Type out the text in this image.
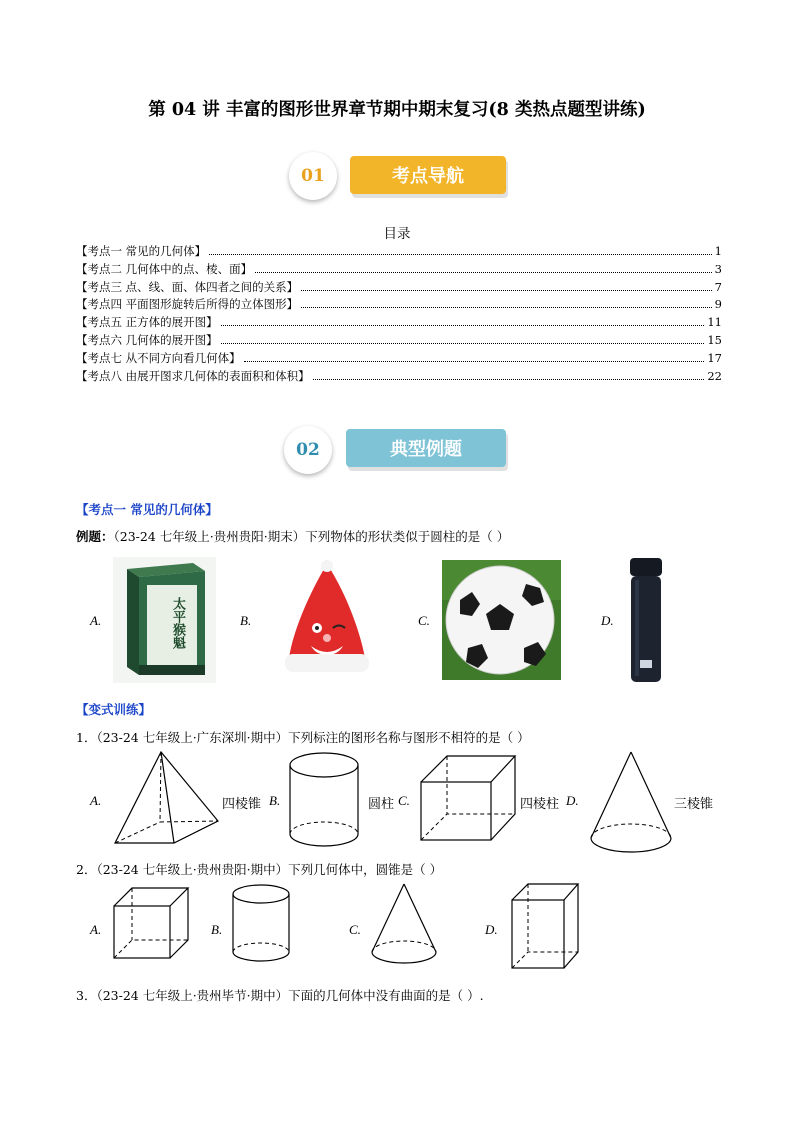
第 04 讲 丰富的图形世界章节期中期末复习(8 类热点题型讲练)
考点导航
01
目录
【考点一 常见的几何体】	1
【考点二 几何体中的点、棱、面】	3
【考点三 点、线、面、体四者之间的关系】	7
【考点四 平面图形旋转后所得的立体图形】	9
【考点五 正方体的展开图】	11
【考点六 几何体的展开图】	15
【考点七 从不同方向看几何体】	17
【考点八 由展开图求几何体的表面积和体积】	22
典型例题
02
【考点一 常见的几何体】
例题：（23-24 七年级上·贵州贵阳·期末）下列物体的形状类似于圆柱的是（ ）
A.	B.	C.	D.
太平猴魁
【变式训练】
1．（23-24 七年级上·广东深圳·期中）下列标注的图形名称与图形不相符的是（ ）
A.	四棱锥 B.	圆柱 C.	四棱柱 D.	三棱锥
2．（23-24 七年级上·贵州贵阳·期中）下列几何体中，圆锥是（ ）
A.	B.	C.	D.
3．（23-24 七年级上·贵州毕节·期中）下面的几何体中没有曲面的是（ ）.
